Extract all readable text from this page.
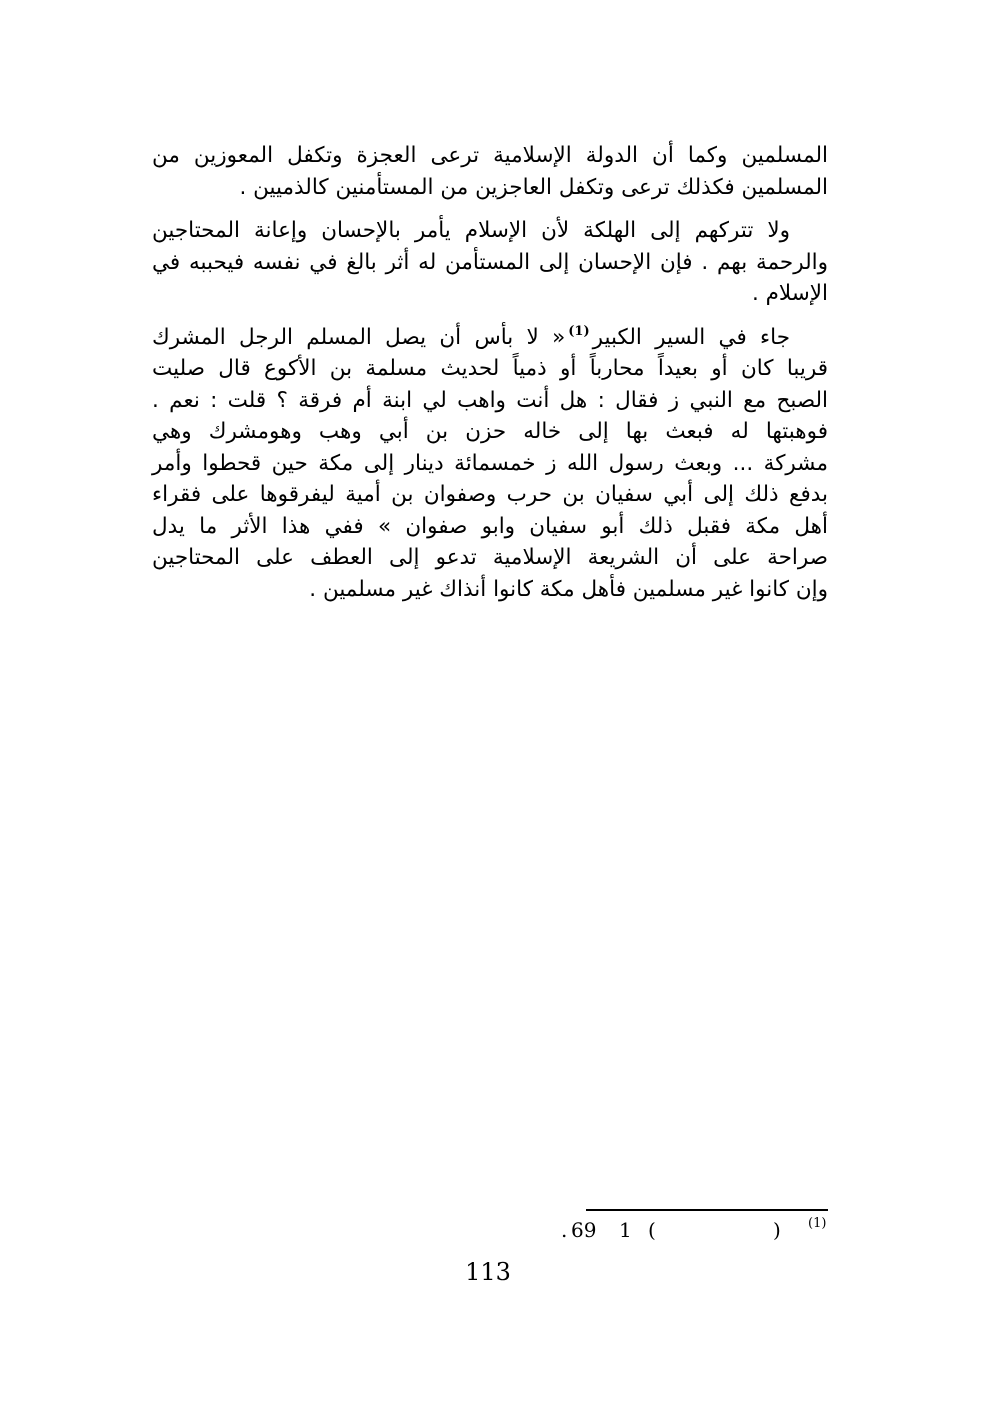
المسلمين وكما أن الدولة الإسلامية ترعى العجزة وتكفل المعوزين من
المسلمين فكذلك ترعى وتكفل العاجزين من المستأمنين كالذميين .

ولا تتركهم إلى الهلكة لأن الإسلام يأمر بالإحسان وإعانة المحتاجين
والرحمة بهم . فإن الإحسان إلى المستأمن له أثر بالغ في نفسه فيحببه في
الإسلام .

جاء في السير الكبير$^{(1)}$« لا بأس أن يصل المسلم الرجل المشرك
قريبا كان أو بعيداً محارباً أو ذمياً لحديث مسلمة بن الأكوع قال صليت
الصبح مع النبي ز فقال : هل أنت واهب لي ابنة أم فرقة ؟ قلت : نعم .
فوهبتها له فبعث بها إلى خاله حزن بن أبي وهب وهومشرك وهي
مشركة ... وبعث رسول الله ز خمسمائة دينار إلى مكة حين قحطوا وأمر
بدفع ذلك إلى أبي سفيان بن حرب وصفوان بن أمية ليفرقوها على فقراء
أهل مكة فقبل ذلك أبو سفيان وابو صفوان » ففي هذا الأثر ما يدل
صراحة على أن الشريعة الإسلامية تدعو إلى العطف على المحتاجين
وإن كانوا غير مسلمين فأهل مكة كانوا أنذاك غير مسلمين .

(1)
)
(
1
69
.
113
